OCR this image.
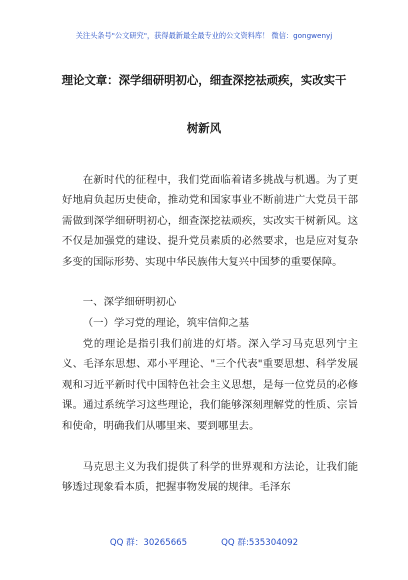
关注头条号"公文研究"，获得最新最全最专业的公文资料库！ 微信：gongwenyj
理论文章：深学细研明初心，细查深挖祛顽疾，实改实干
树新风

在新时代的征程中，我们党面临着诸多挑战与机遇。为了更好地肩负起历史使命，推动党和国家事业不断前进广大党员干部需做到深学细研明初心，细查深挖祛顽疾，实改实干树新风。这不仅是加强党的建设、提升党员素质的必然要求，也是应对复杂多变的国际形势、实现中华民族伟大复兴中国梦的重要保障。

一、深学细研明初心

（一）学习党的理论，筑牢信仰之基

党的理论是指引我们前进的灯塔。深入学习马克思列宁主义、毛泽东思想、邓小平理论、"三个代表"重要思想、科学发展观和习近平新时代中国特色社会主义思想，是每一位党员的必修课。通过系统学习这些理论，我们能够深刻理解党的性质、宗旨和使命，明确我们从哪里来、要到哪里去。

马克思主义为我们提供了科学的世界观和方法论，让我们能够透过现象看本质，把握事物发展的规律。毛泽东

QQ 群：30265665	QQ 群:535304092
